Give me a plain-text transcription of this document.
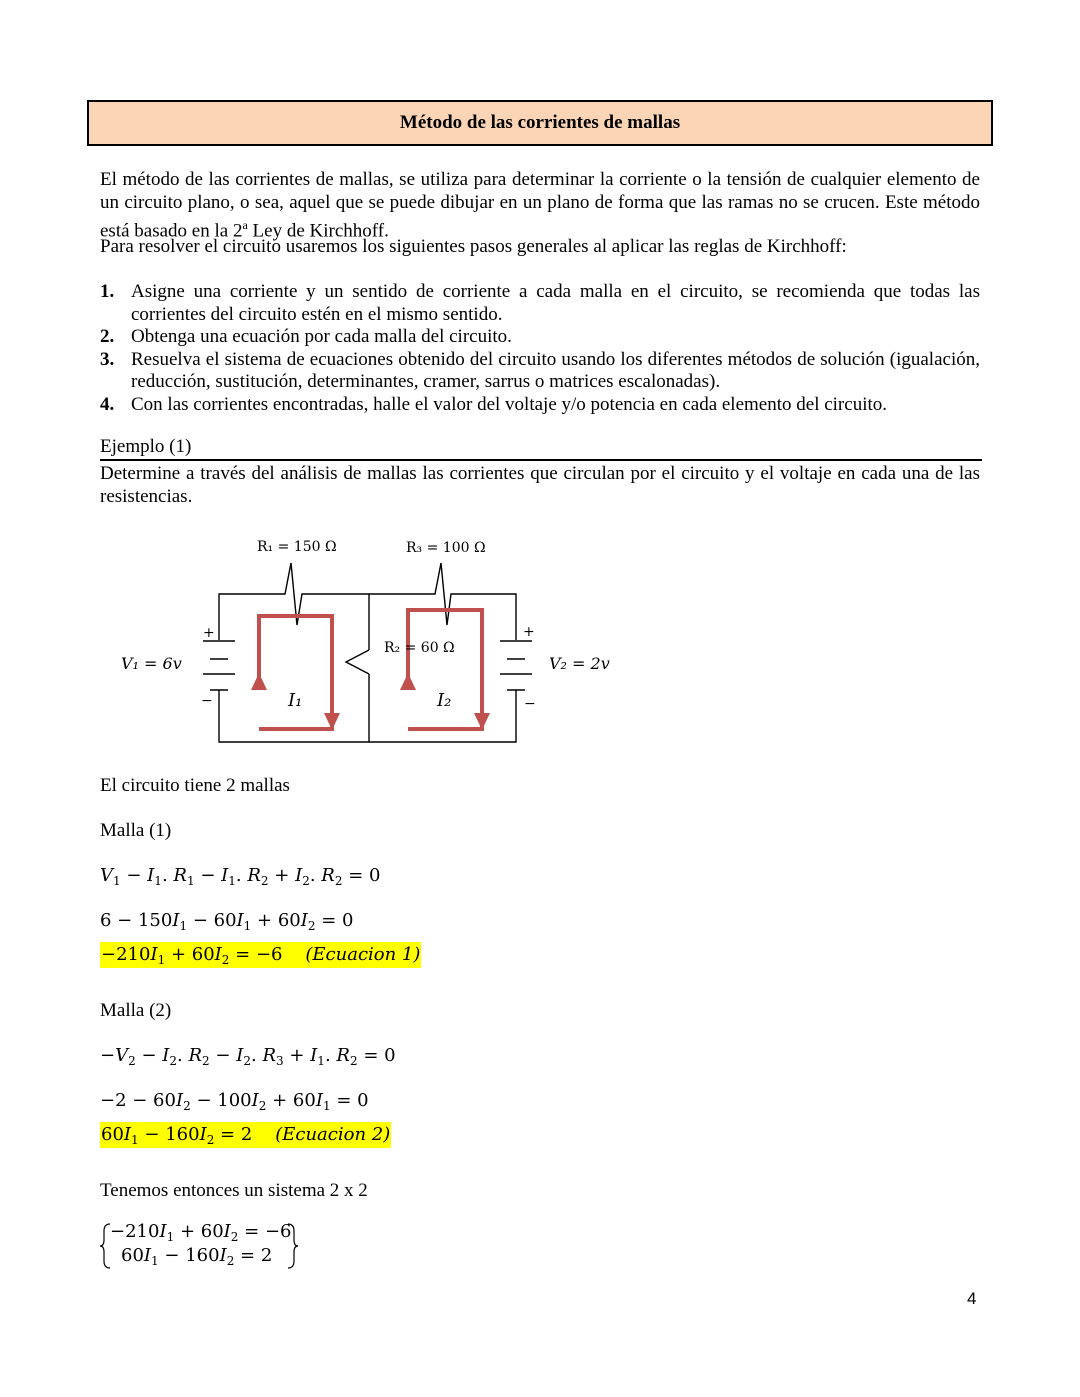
Método de las corrientes de mallas
El método de las corrientes de mallas, se utiliza para determinar la corriente o la tensión de cualquier elemento de un circuito plano, o sea, aquel que se puede dibujar en un plano de forma que las ramas no se crucen. Este método está basado en la 2$^a$ Ley de Kirchhoff.
Para resolver el circuito usaremos los siguientes pasos generales al aplicar las reglas de Kirchhoff:
1. Asigne una corriente y un sentido de corriente a cada malla en el circuito, se recomienda que todas las corrientes del circuito estén en el mismo sentido.
2. Obtenga una ecuación por cada malla del circuito.
3. Resuelva el sistema de ecuaciones obtenido del circuito usando los diferentes métodos de solución (igualación, reducción, sustitución, determinantes, cramer, sarrus o matrices escalonadas).
4. Con las corrientes encontradas, halle el valor del voltaje y/o potencia en cada elemento del circuito.
Ejemplo (1)
Determine a través del análisis de mallas las corrientes que circulan por el circuito y el voltaje en cada una de las resistencias.
R₁ = 150 Ω	R₃ = 100 Ω
R₂ = 60 Ω
V₁ = 6v	V₂ = 2v
I₁	I₂
+
−
+
−
El circuito tiene 2 mallas
Malla (1)
$V_1 - I_1$. $R_1 - I_1$. $R_2 + I_2$. $R_2 = 0$
$6 - 150I_1 - 60I_1 + 60I_2 = 0$
$-210I_1 + 60I_2 = -6$    (Ecuacion 1)
Malla (2)
$-V_2 - I_2$. $R_2 - I_2$. $R_3 + I_1$. $R_2 = 0$
$-2 - 60I_2 - 100I_2 + 60I_1 = 0$
$60I_1 - 160I_2 = 2$    (Ecuacion 2)
Tenemos entonces un sistema 2 x 2
$-210I_1 + 60I_2 = -6$
$60I_1 - 160I_2 = 2$
4
